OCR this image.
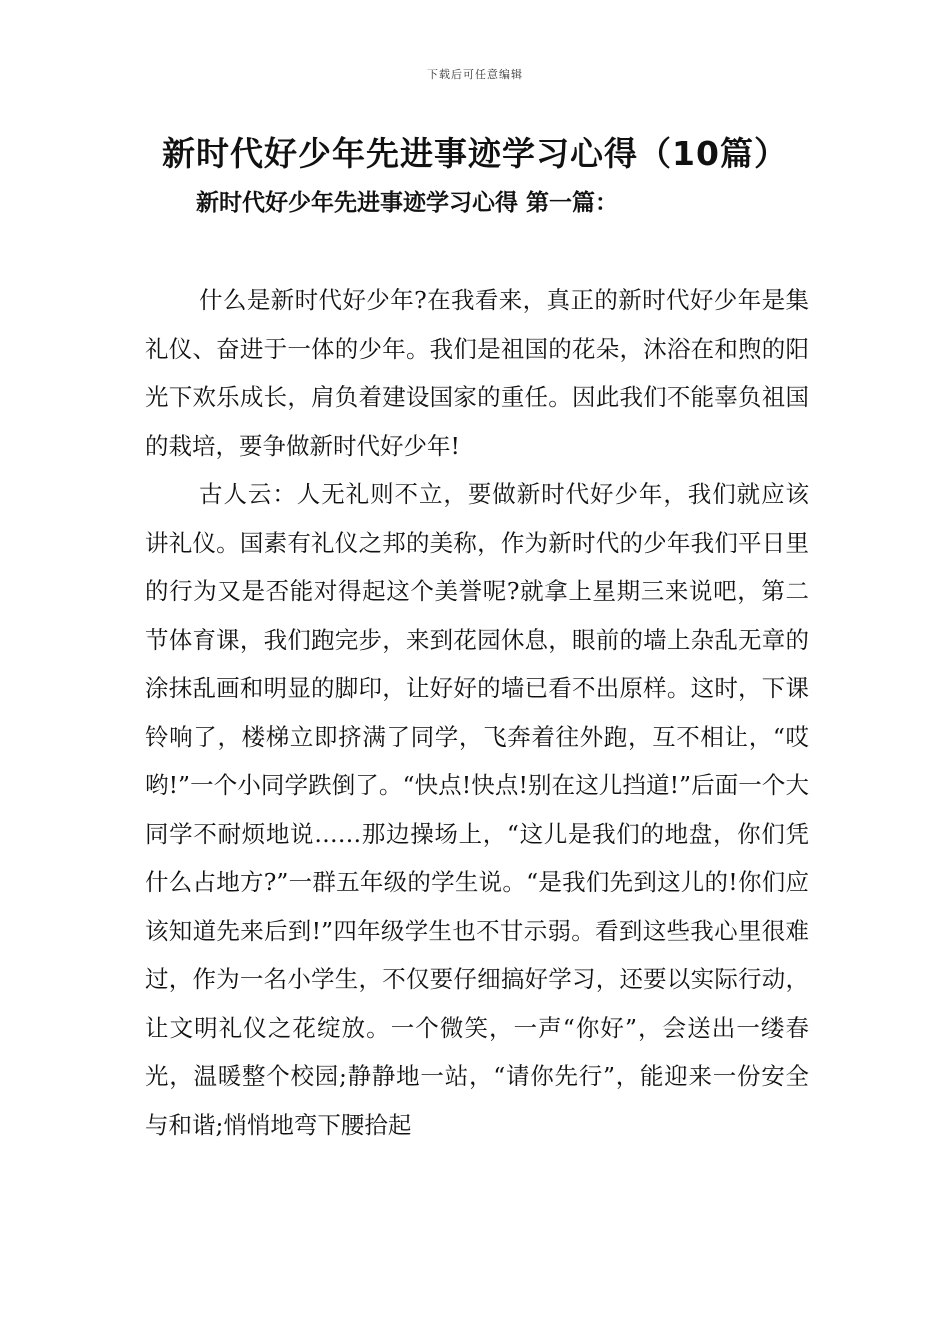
下载后可任意编辑
新时代好少年先进事迹学习心得（10篇）
新时代好少年先进事迹学习心得 第一篇：

什么是新时代好少年?在我看来，真正的新时代好少年是集礼仪、奋进于一体的少年。我们是祖国的花朵，沐浴在和煦的阳光下欢乐成长，肩负着建设国家的重任。因此我们不能辜负祖国的栽培，要争做新时代好少年!

古人云：人无礼则不立，要做新时代好少年，我们就应该讲礼仪。国素有礼仪之邦的美称，作为新时代的少年我们平日里的行为又是否能对得起这个美誉呢?就拿上星期三来说吧，第二节体育课，我们跑完步，来到花园休息，眼前的墙上杂乱无章的涂抹乱画和明显的脚印，让好好的墙已看不出原样。这时，下课铃响了，楼梯立即挤满了同学，飞奔着往外跑，互不相让，“哎哟!”一个小同学跌倒了。“快点!快点!别在这儿挡道!”后面一个大同学不耐烦地说……那边操场上，“这儿是我们的地盘，你们凭什么占地方?”一群五年级的学生说。“是我们先到这儿的!你们应该知道先来后到!”四年级学生也不甘示弱。看到这些我心里很难过，作为一名小学生，不仅要仔细搞好学习，还要以实际行动，让文明礼仪之花绽放。一个微笑，一声“你好”，会送出一缕春光，温暖整个校园;静静地一站，“请你先行”，能迎来一份安全与和谐;悄悄地弯下腰拾起
